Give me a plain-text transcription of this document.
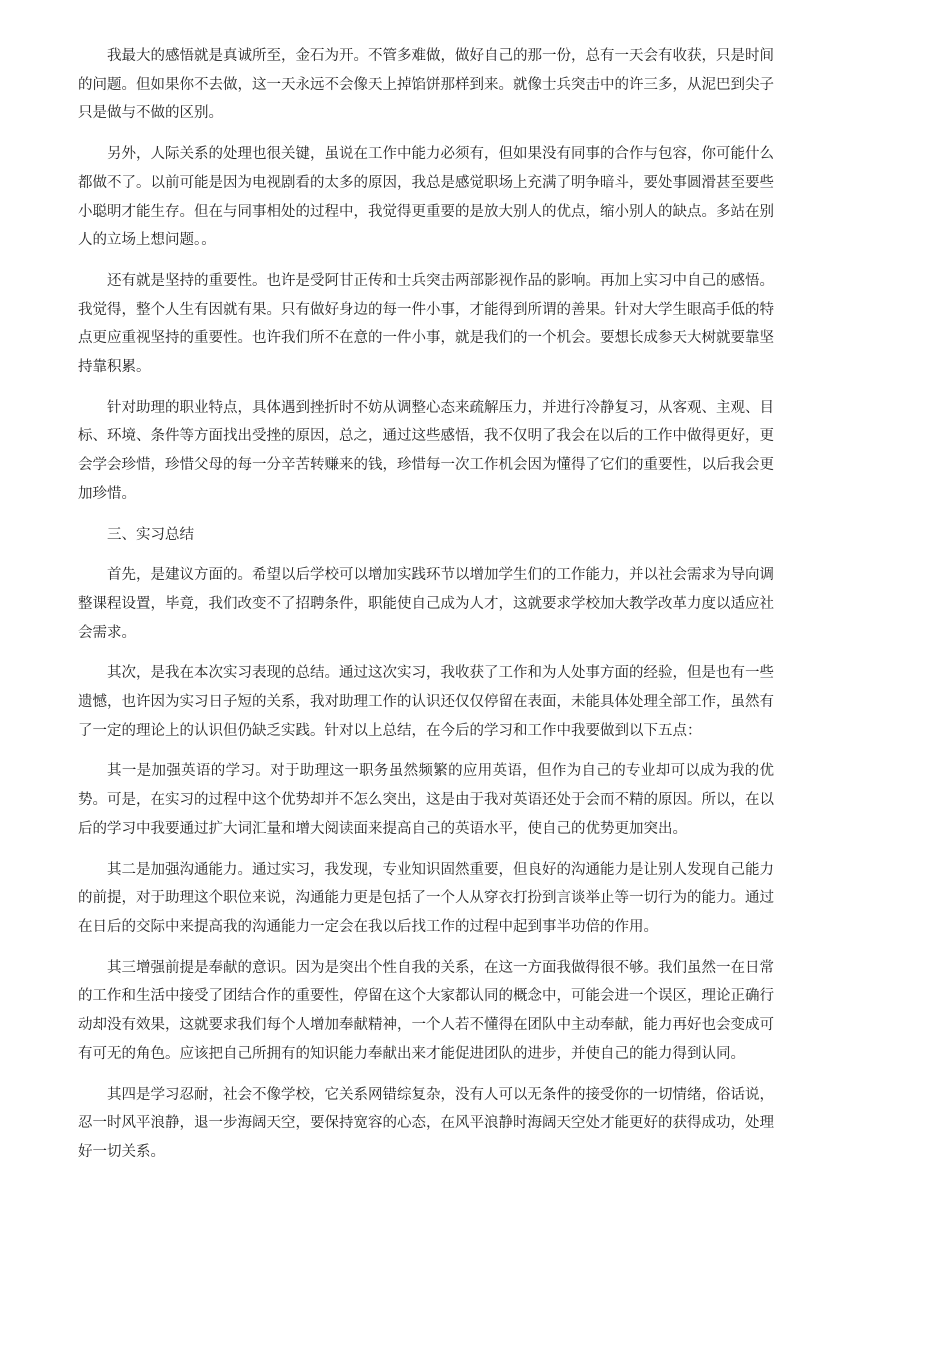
我最大的感悟就是真诚所至，金石为开。不管多难做，做好自己的那一份，总有一天会有收获，只是时间的问题。但如果你不去做，这一天永远不会像天上掉馅饼那样到来。就像士兵突击中的许三多，从泥巴到尖子只是做与不做的区别。

另外，人际关系的处理也很关键，虽说在工作中能力必须有，但如果没有同事的合作与包容，你可能什么都做不了。以前可能是因为电视剧看的太多的原因，我总是感觉职场上充满了明争暗斗，要处事圆滑甚至要些小聪明才能生存。但在与同事相处的过程中，我觉得更重要的是放大别人的优点，缩小别人的缺点。多站在别人的立场上想问题。。

还有就是坚持的重要性。也许是受阿甘正传和士兵突击两部影视作品的影响。再加上实习中自己的感悟。我觉得，整个人生有因就有果。只有做好身边的每一件小事，才能得到所谓的善果。针对大学生眼高手低的特点更应重视坚持的重要性。也许我们所不在意的一件小事，就是我们的一个机会。要想长成参天大树就要靠坚持靠积累。

针对助理的职业特点，具体遇到挫折时不妨从调整心态来疏解压力，并进行冷静复习，从客观、主观、目标、环境、条件等方面找出受挫的原因，总之，通过这些感悟，我不仅明了我会在以后的工作中做得更好，更会学会珍惜，珍惜父母的每一分辛苦转赚来的钱，珍惜每一次工作机会因为懂得了它们的重要性，以后我会更加珍惜。

三、实习总结

首先，是建议方面的。希望以后学校可以增加实践环节以增加学生们的工作能力，并以社会需求为导向调整课程设置，毕竟，我们改变不了招聘条件，职能使自己成为人才，这就要求学校加大教学改革力度以适应社会需求。

其次，是我在本次实习表现的总结。通过这次实习，我收获了工作和为人处事方面的经验，但是也有一些遗憾，也许因为实习日子短的关系，我对助理工作的认识还仅仅停留在表面，未能具体处理全部工作，虽然有了一定的理论上的认识但仍缺乏实践。针对以上总结，在今后的学习和工作中我要做到以下五点：

其一是加强英语的学习。对于助理这一职务虽然频繁的应用英语，但作为自己的专业却可以成为我的优势。可是，在实习的过程中这个优势却并不怎么突出，这是由于我对英语还处于会而不精的原因。所以，在以后的学习中我要通过扩大词汇量和增大阅读面来提高自己的英语水平，使自己的优势更加突出。

其二是加强沟通能力。通过实习，我发现，专业知识固然重要，但良好的沟通能力是让别人发现自己能力的前提，对于助理这个职位来说，沟通能力更是包括了一个人从穿衣打扮到言谈举止等一切行为的能力。通过在日后的交际中来提高我的沟通能力一定会在我以后找工作的过程中起到事半功倍的作用。

其三增强前提是奉献的意识。因为是突出个性自我的关系，在这一方面我做得很不够。我们虽然一在日常的工作和生活中接受了团结合作的重要性，停留在这个大家都认同的概念中，可能会进一个误区，理论正确行动却没有效果，这就要求我们每个人增加奉献精神，一个人若不懂得在团队中主动奉献，能力再好也会变成可有可无的角色。应该把自己所拥有的知识能力奉献出来才能促进团队的进步，并使自己的能力得到认同。

其四是学习忍耐，社会不像学校，它关系网错综复杂，没有人可以无条件的接受你的一切情绪，俗话说，忍一时风平浪静，退一步海阔天空，要保持宽容的心态，在风平浪静时海阔天空处才能更好的获得成功，处理好一切关系。
